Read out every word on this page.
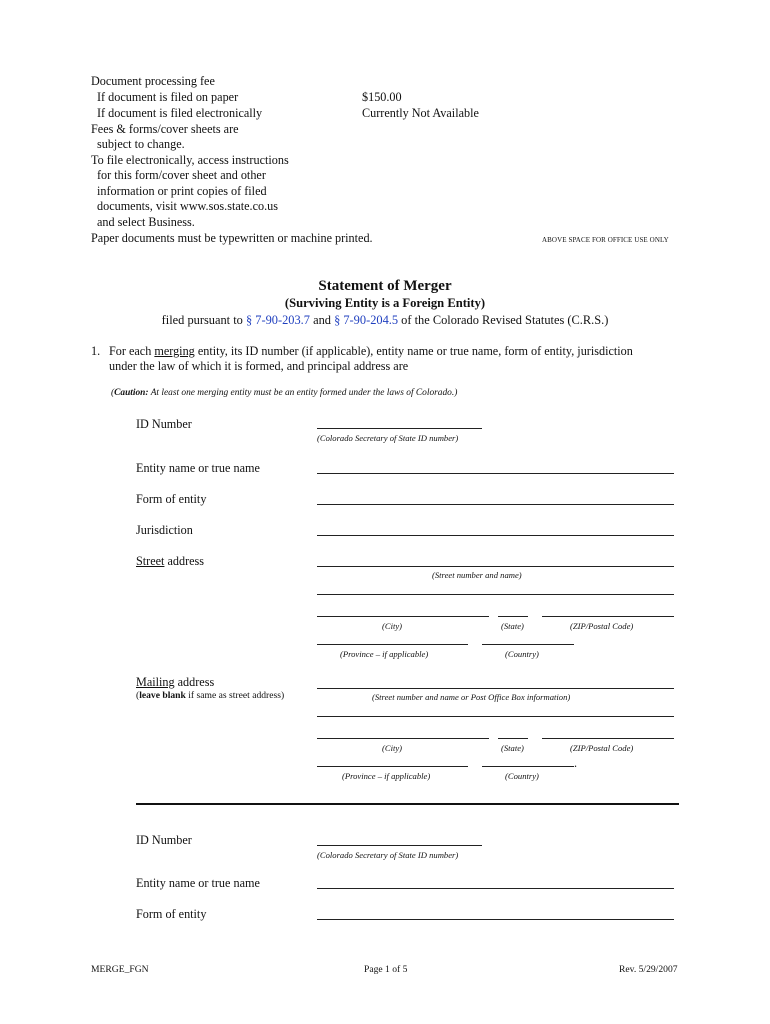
Document processing fee
If document is filed on paper	$150.00
If document is filed electronically	Currently Not Available
Fees & forms/cover sheets are
subject to change.
To file electronically, access instructions
for this form/cover sheet and other
information or print copies of filed
documents, visit www.sos.state.co.us
and select Business.
Paper documents must be typewritten or machine printed.	ABOVE SPACE FOR OFFICE USE ONLY
Statement of Merger
(Surviving Entity is a Foreign Entity)
filed pursuant to § 7-90-203.7 and § 7-90-204.5 of the Colorado Revised Statutes (C.R.S.)
1. For each merging entity, its ID number (if applicable), entity name or true name, form of entity, jurisdiction
under the law of which it is formed, and principal address are
(Caution: At least one merging entity must be an entity formed under the laws of Colorado.)
ID Number
(Colorado Secretary of State ID number)
Entity name or true name
Form of entity
Jurisdiction
Street address
(Street number and name)
(City)	(State)	(ZIP/Postal Code)
(Province – if applicable)	(Country)
Mailing address
(leave blank if same as street address)	(Street number and name or Post Office Box information)
(City)	(State)	(ZIP/Postal Code)
.
(Province – if applicable)	(Country)
ID Number
(Colorado Secretary of State ID number)
Entity name or true name
Form of entity
MERGE_FGN	Page 1 of 5	Rev. 5/29/2007
